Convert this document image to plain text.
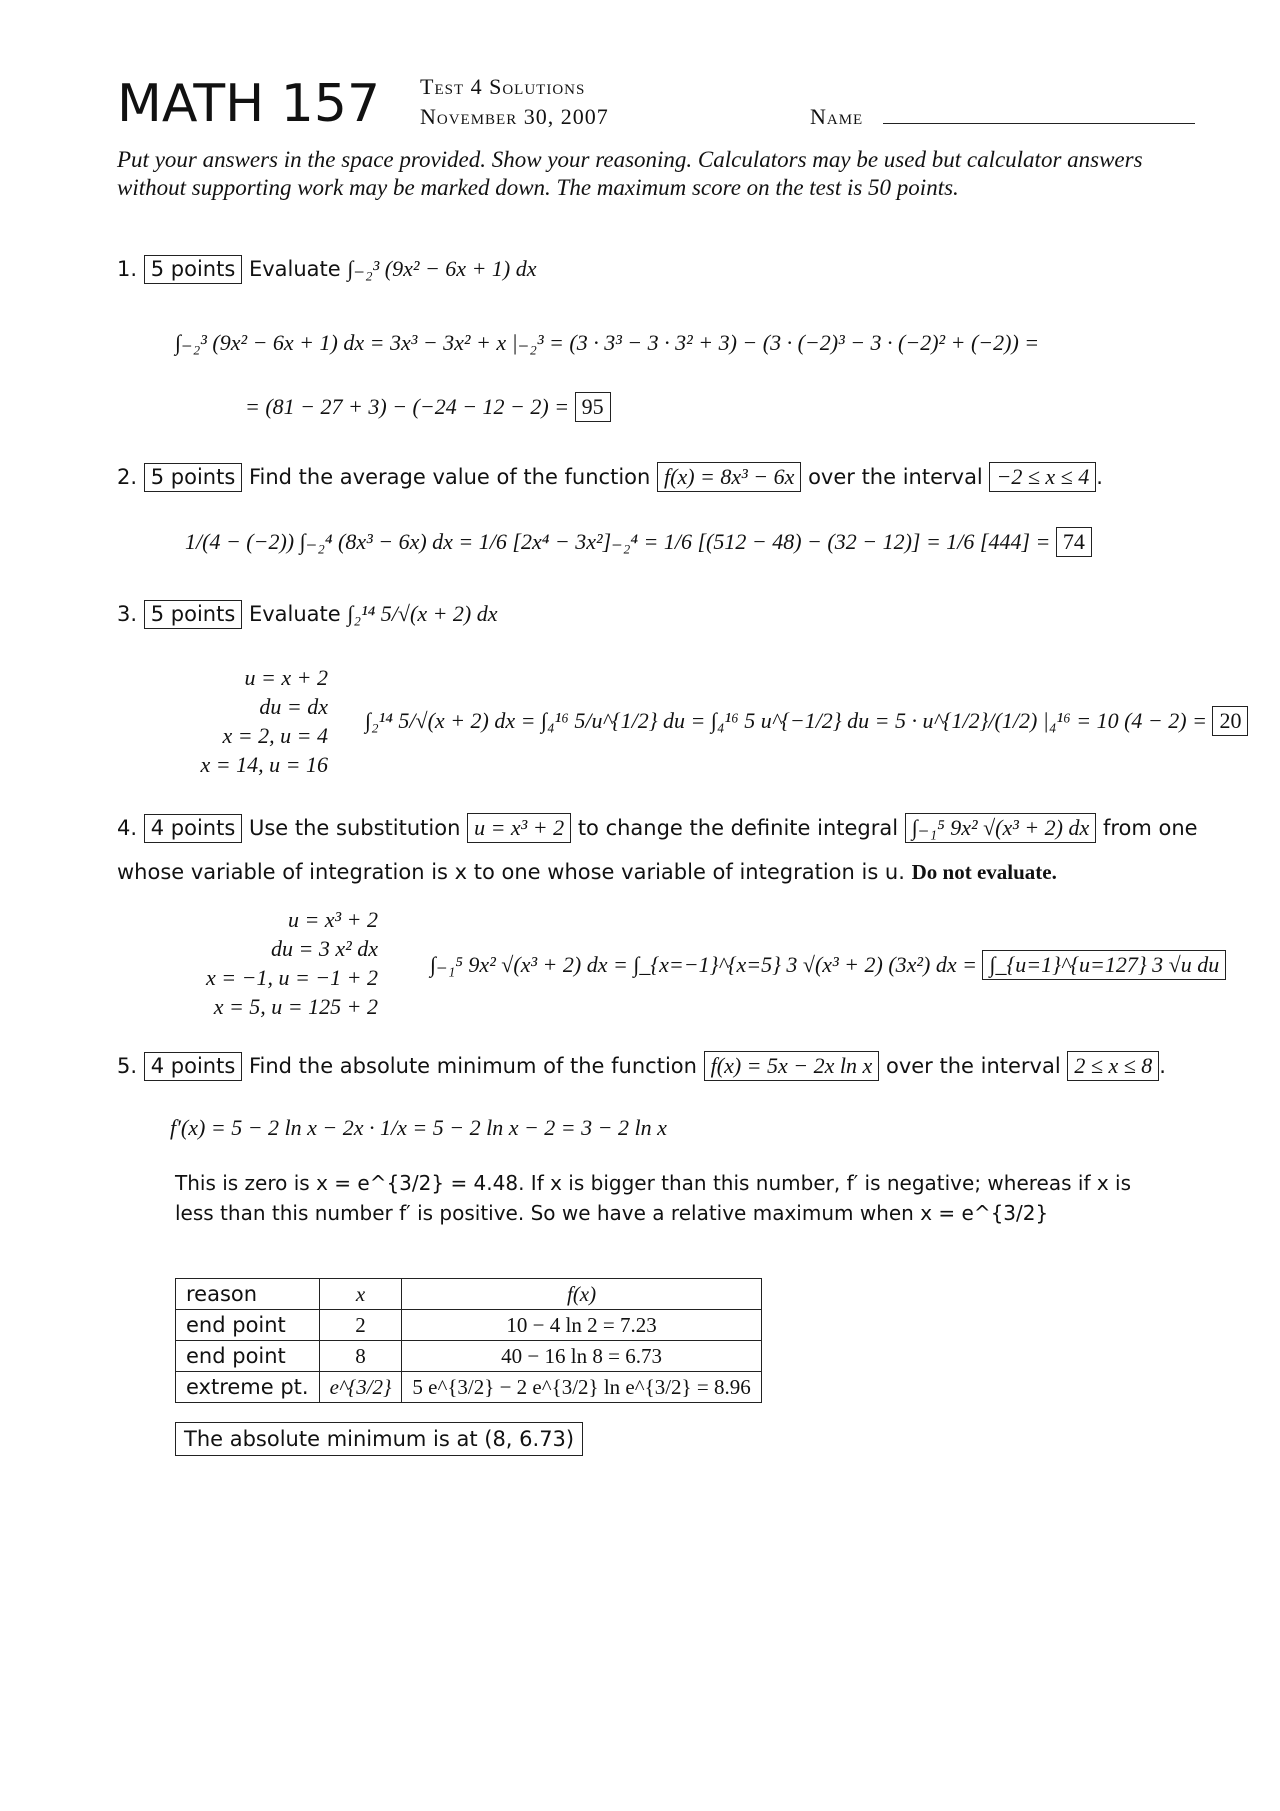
MATH 157 Test 4 Solutions
November 30, 2007	Name
Put your answers in the space provided. Show your reasoning. Calculators may be used but calculator answers without supporting work may be marked down. The maximum score on the test is 50 points.
1. 5 points Evaluate ∫₋₂³ (9x² − 6x + 1) dx
∫₋₂³ (9x² − 6x + 1) dx = 3x³ − 3x² + x |₋₂³ = (3 · 3³ − 3 · 3² + 3) − (3 · (−2)³ − 3 · (−2)² + (−2)) =
= (81 − 27 + 3) − (−24 − 12 − 2) = 95
2. 5 points Find the average value of the function f(x) = 8x³ − 6x over the interval −2 ≤ x ≤ 4 .
1/(4 − (−2)) ∫₋₂⁴ (8x³ − 6x) dx = 1/6 [2x⁴ − 3x²]₋₂⁴ = 1/6 [(512 − 48) − (32 − 12)] = 1/6 [444] = 74
3. 5 points Evaluate ∫₂¹⁴ 5/√(x + 2) dx
u = x + 2
du = dx
x = 2, u = 4
x = 14, u = 16
∫₂¹⁴ 5/√(x + 2) dx = ∫₄¹⁶ 5/u^{1/2} du = ∫₄¹⁶ 5 u^{−1/2} du = 5 · u^{1/2}/(1/2) |₄¹⁶ = 10 (4 − 2) = 20
4. 4 points Use the substitution u = x³ + 2 to change the definite integral ∫₋₁⁵ 9x² √(x³ + 2) dx from one
whose variable of integration is x to one whose variable of integration is u. Do not evaluate.
u = x³ + 2
du = 3 x² dx
x = −1, u = −1 + 2
x = 5, u = 125 + 2
∫₋₁⁵ 9x² √(x³ + 2) dx = ∫_{x=−1}^{x=5} 3 √(x³ + 2) (3x²) dx = ∫_{u=1}^{u=127} 3 √u du
5. 4 points Find the absolute minimum of the function f(x) = 5x − 2x ln x over the interval 2 ≤ x ≤ 8 .
f′(x) = 5 − 2 ln x − 2x · 1/x = 5 − 2 ln x − 2 = 3 − 2 ln x
This is zero is x = e^{3/2} = 4.48. If x is bigger than this number, f′ is negative; whereas if x is less than this number f′ is positive. So we have a relative maximum when x = e^{3/2}
reason	x	f(x)
end point	2	10 − 4 ln 2 = 7.23
end point	8	40 − 16 ln 8 = 6.73
extreme pt.	e^{3/2}	5 e^{3/2} − 2 e^{3/2} ln e^{3/2} = 8.96
The absolute minimum is at (8, 6.73)
